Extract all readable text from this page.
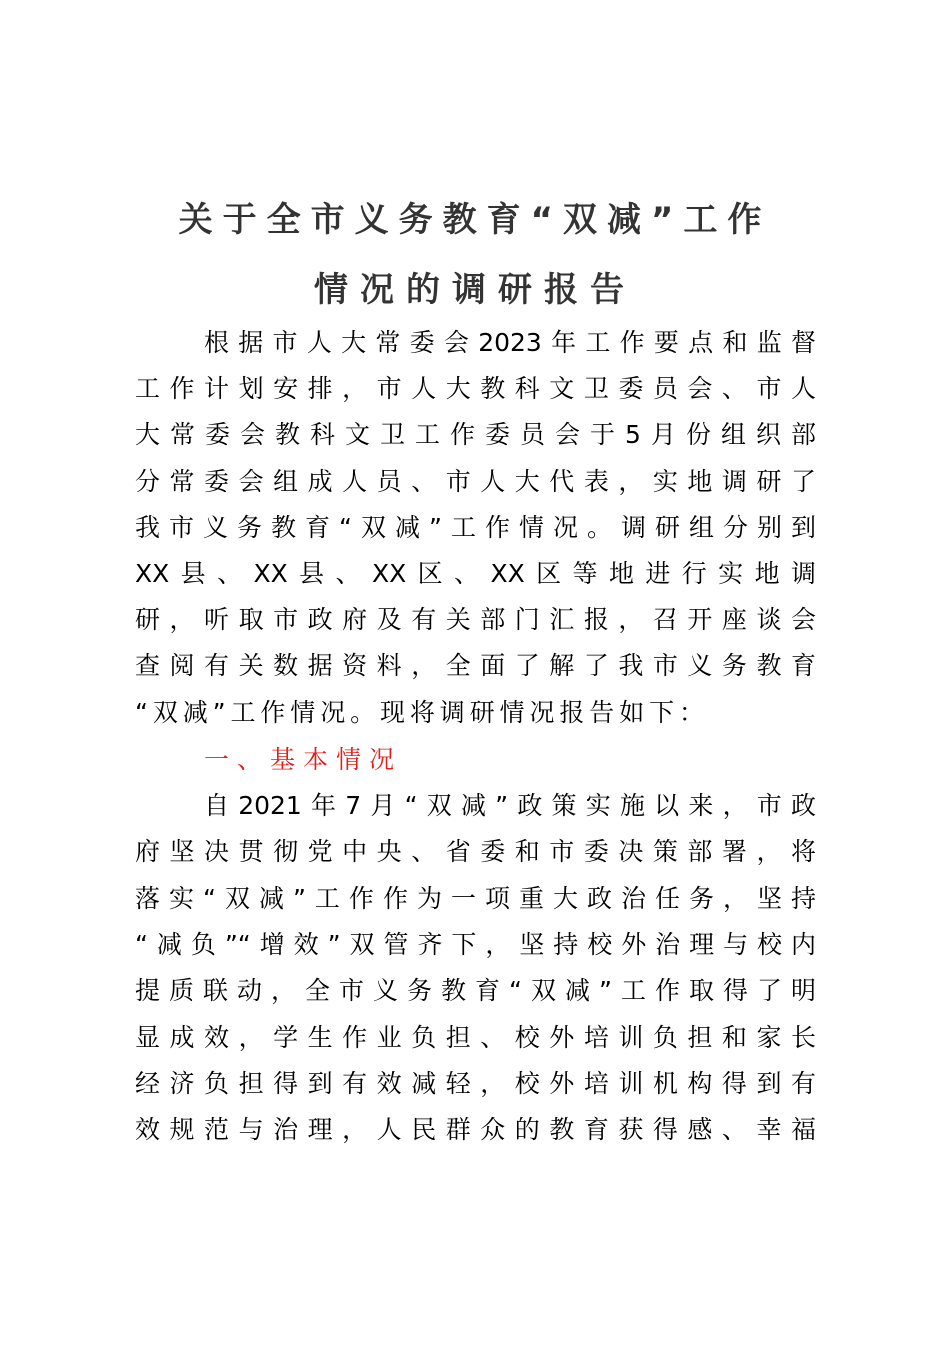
关于全市义务教育“双减”工作
情况的调研报告
根据市人大常委会2023年工作要点和监督
工作计划安排，市人大教科文卫委员会、市人
大常委会教科文卫工作委员会于5月份组织部
分常委会组成人员、市人大代表，实地调研了
我市义务教育“双减”工作情况。调研组分别到
XX县、XX县、XX区、XX区等地进行实地调
研，听取市政府及有关部门汇报，召开座谈会
查阅有关数据资料，全面了解了我市义务教育
“双减”工作情况。现将调研情况报告如下：
一、基本情况
自2021年7月“双减”政策实施以来，市政
府坚决贯彻党中央、省委和市委决策部署，将
落实“双减”工作作为一项重大政治任务，坚持
“减负”“增效”双管齐下，坚持校外治理与校内
提质联动，全市义务教育“双减”工作取得了明
显成效，学生作业负担、校外培训负担和家长
经济负担得到有效减轻，校外培训机构得到有
效规范与治理，人民群众的教育获得感、幸福
